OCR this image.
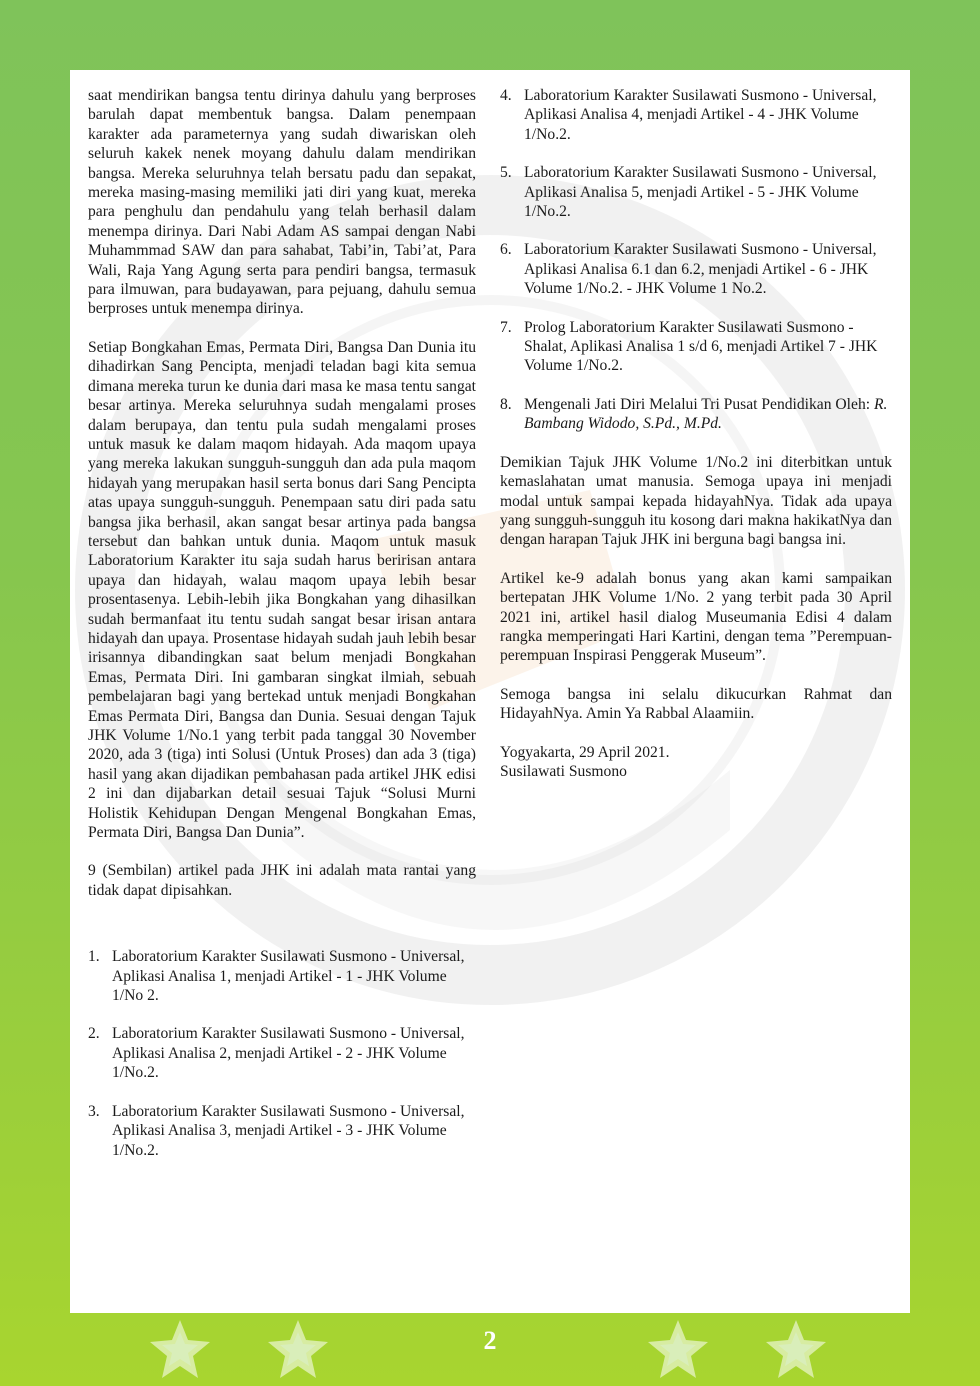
saat mendirikan bangsa tentu dirinya dahulu yang berproses barulah dapat membentuk bangsa. Dalam penempaan karakter ada parameternya yang sudah diwariskan oleh seluruh kakek nenek moyang dahulu dalam mendirikan bangsa. Mereka seluruhnya telah bersatu padu dan sepakat, mereka masing-masing memiliki jati diri yang kuat, mereka para penghulu dan pendahulu yang telah berhasil dalam menempa dirinya. Dari Nabi Adam AS sampai dengan Nabi Muhammmad SAW dan para sahabat, Tabi’in, Tabi’at, Para Wali, Raja Yang Agung serta para pendiri bangsa, termasuk para ilmuwan, para budayawan, para pejuang, dahulu semua berproses untuk menempa dirinya.

Setiap Bongkahan Emas, Permata Diri, Bangsa Dan Dunia itu dihadirkan Sang Pencipta, menjadi teladan bagi kita semua dimana mereka turun ke dunia dari masa ke masa tentu sangat besar artinya. Mereka seluruhnya sudah mengalami proses dalam berupaya, dan tentu pula sudah mengalami proses untuk masuk ke dalam maqom hidayah. Ada maqom upaya yang mereka lakukan sungguh-sungguh dan ada pula maqom hidayah yang merupakan hasil serta bonus dari Sang Pencipta atas upaya sungguh-sungguh. Penempaan satu diri pada satu bangsa jika berhasil, akan sangat besar artinya pada bangsa tersebut dan bahkan untuk dunia. Maqom untuk masuk Laboratorium Karakter itu saja sudah harus beririsan antara upaya dan hidayah, walau maqom upaya lebih besar prosentasenya. Lebih-lebih jika Bongkahan yang dihasilkan sudah bermanfaat itu tentu sudah sangat besar irisan antara hidayah dan upaya. Prosentase hidayah sudah jauh lebih besar irisannya dibandingkan saat belum menjadi Bongkahan Emas, Permata Diri. Ini gambaran singkat ilmiah, sebuah pembelajaran bagi yang bertekad untuk menjadi Bongkahan Emas Permata Diri, Bangsa dan Dunia. Sesuai dengan Tajuk JHK Volume 1/No.1 yang terbit pada tanggal 30 November 2020, ada 3 (tiga) inti Solusi (Untuk Proses) dan ada 3 (tiga) hasil yang akan dijadikan pembahasan pada artikel JHK edisi 2 ini dan dijabarkan detail sesuai Tajuk “Solusi Murni Holistik Kehidupan Dengan Mengenal Bongkahan Emas, Permata Diri, Bangsa Dan Dunia”.

9 (Sembilan) artikel pada JHK ini adalah mata rantai yang tidak dapat dipisahkan.

1. Laboratorium Karakter Susilawati Susmono - Universal, Aplikasi Analisa 1, menjadi Artikel - 1 - JHK Volume 1/No 2.
2. Laboratorium Karakter Susilawati Susmono - Universal, Aplikasi Analisa 2, menjadi Artikel - 2 - JHK Volume 1/No.2.
3. Laboratorium Karakter Susilawati Susmono - Universal, Aplikasi Analisa 3, menjadi Artikel - 3 - JHK Volume 1/No.2.
4. Laboratorium Karakter Susilawati Susmono - Universal, Aplikasi Analisa 4, menjadi Artikel - 4 - JHK Volume 1/No.2.
5. Laboratorium Karakter Susilawati Susmono - Universal, Aplikasi Analisa 5, menjadi Artikel - 5 - JHK Volume 1/No.2.
6. Laboratorium Karakter Susilawati Susmono - Universal, Aplikasi Analisa 6.1 dan 6.2, menjadi Artikel - 6 - JHK Volume 1/No.2. - JHK Volume 1 No.2.
7. Prolog Laboratorium Karakter Susilawati Susmono - Shalat, Aplikasi Analisa 1 s/d 6, menjadi Artikel 7 - JHK Volume 1/No.2.
8. Mengenali Jati Diri Melalui Tri Pusat Pendidikan Oleh: R. Bambang Widodo, S.Pd., M.Pd.

Demikian Tajuk JHK Volume 1/No.2 ini diterbitkan untuk kemaslahatan umat manusia. Semoga upaya ini menjadi modal untuk sampai kepada hidayahNya. Tidak ada upaya yang sungguh-sungguh itu kosong dari makna hakikatNya dan dengan harapan Tajuk JHK ini berguna bagi bangsa ini.

Artikel ke-9 adalah bonus yang akan kami sampaikan bertepatan JHK Volume 1/No. 2 yang terbit pada 30 April 2021 ini, artikel hasil dialog Museumania Edisi 4 dalam rangka memperingati Hari Kartini, dengan tema ”Perempuan-perempuan Inspirasi Penggerak Museum”.

Semoga bangsa ini selalu dikucurkan Rahmat dan HidayahNya. Amin Ya Rabbal Alaamiin.

Yogyakarta, 29 April 2021.

Susilawati Susmono

2
